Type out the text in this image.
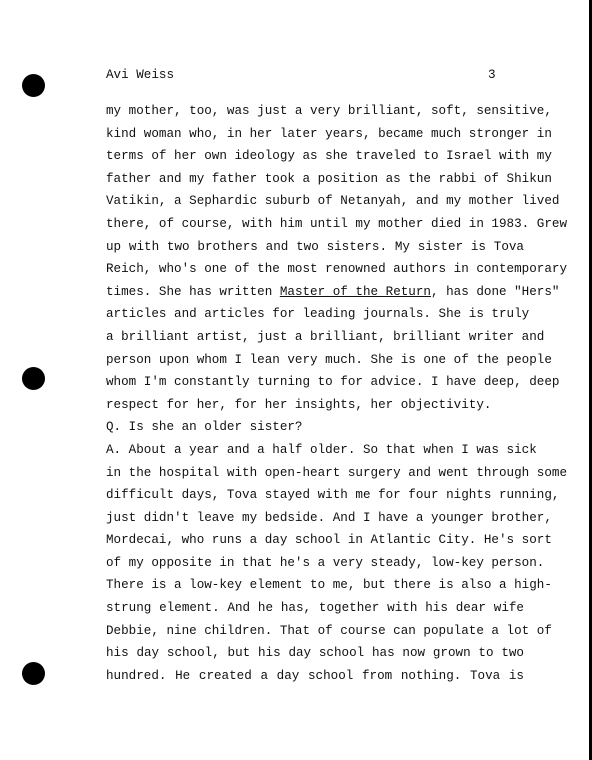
Avi Weiss	3
my mother, too, was just a very brilliant, soft, sensitive,
kind woman who, in her later years, became much stronger in
terms of her own ideology as she traveled to Israel with my
father and my father took a position as the rabbi of Shikun
Vatikin, a Sephardic suburb of Netanyah, and my mother lived
there, of course, with him until my mother died in 1983. Grew
up with two brothers and two sisters. My sister is Tova
Reich, who's one of the most renowned authors in contemporary
times. She has written Master of the Return, has done "Hers"
articles and articles for leading journals. She is truly
a brilliant artist, just a brilliant, brilliant writer and
person upon whom I lean very much. She is one of the people
whom I'm constantly turning to for advice. I have deep, deep
respect for her, for her insights, her objectivity.
Q. Is she an older sister?
A. About a year and a half older. So that when I was sick
in the hospital with open-heart surgery and went through some
difficult days, Tova stayed with me for four nights running,
just didn't leave my bedside. And I have a younger brother,
Mordecai, who runs a day school in Atlantic City. He's sort
of my opposite in that he's a very steady, low-key person.
There is a low-key element to me, but there is also a high-
strung element. And he has, together with his dear wife
Debbie, nine children. That of course can populate a lot of
his day school, but his day school has now grown to two
hundred. He created a day school from nothing. Tova is
